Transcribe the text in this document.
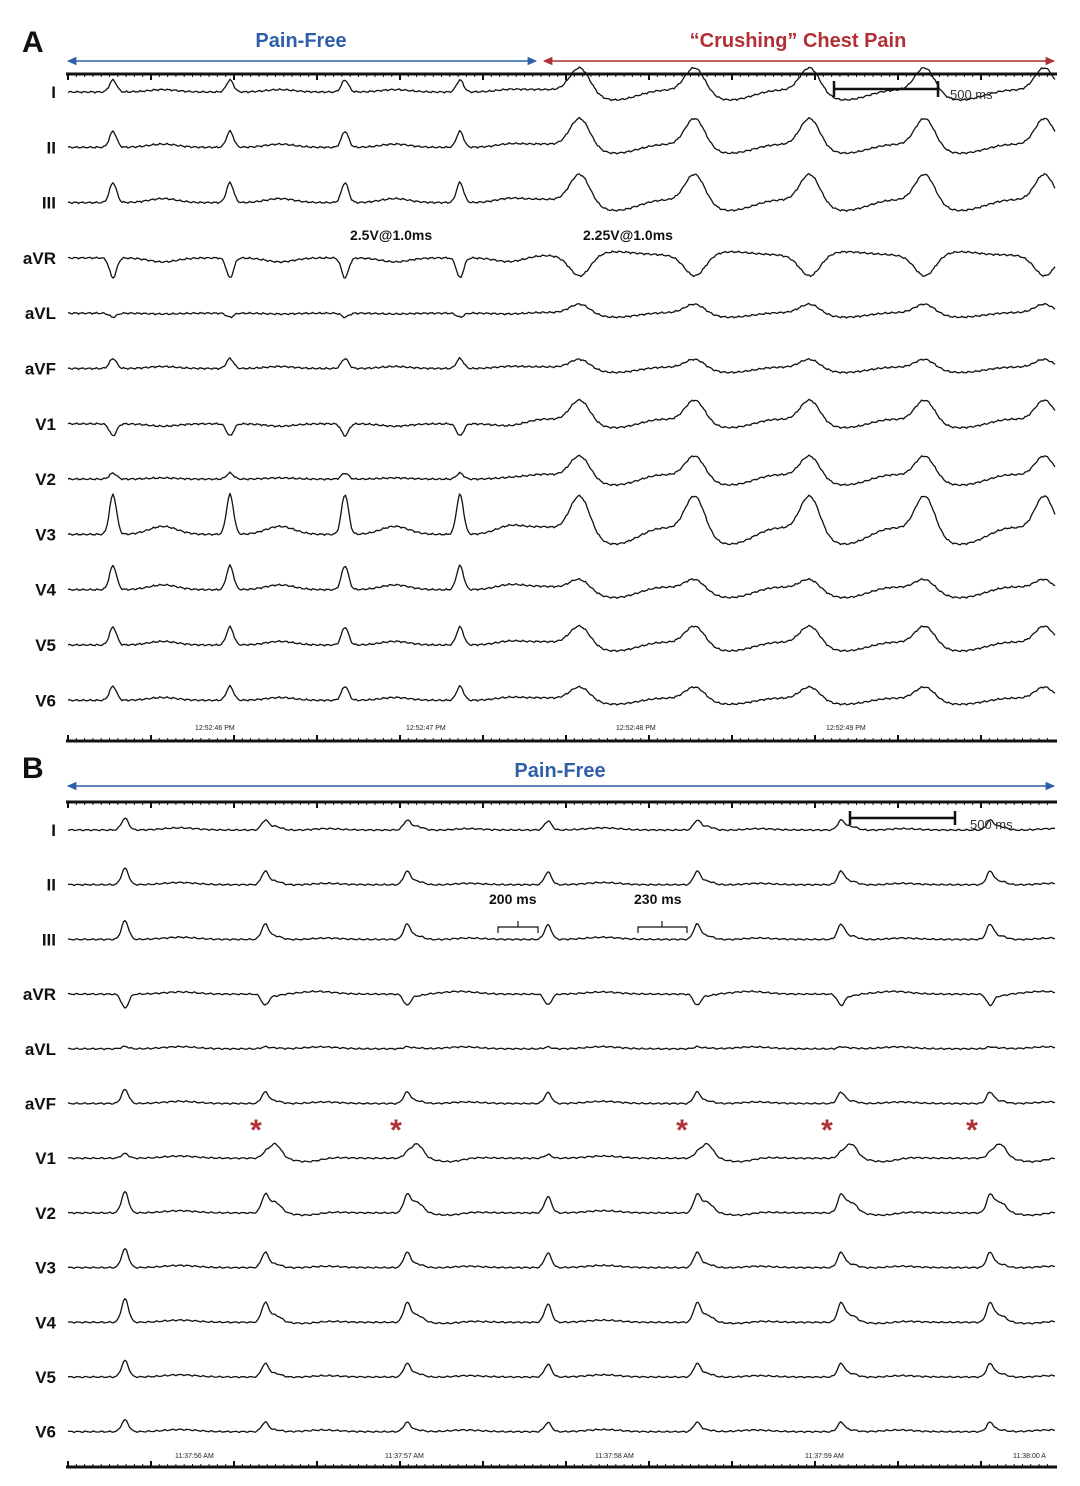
A	Pain-Free	“Crushing” Chest Pain
I
II
III
aVR
aVL
aVF
V1
V2
V3
V4
V5
V6
500 ms
2.5V@1.0ms	2.25V@1.0ms
12:52:46 PM	12:52:47 PM	12:52:48 PM	12:52:49 PM
B	Pain-Free
I
II
III
aVR
aVL
aVF
V1
V2
V3
V4
V5
V6
500 ms
200 ms	230 ms
*	*	*	*	*
11:37:56 AM	11:37:57 AM	11:37:58 AM	11:37:59 AM	11:38:00 A
